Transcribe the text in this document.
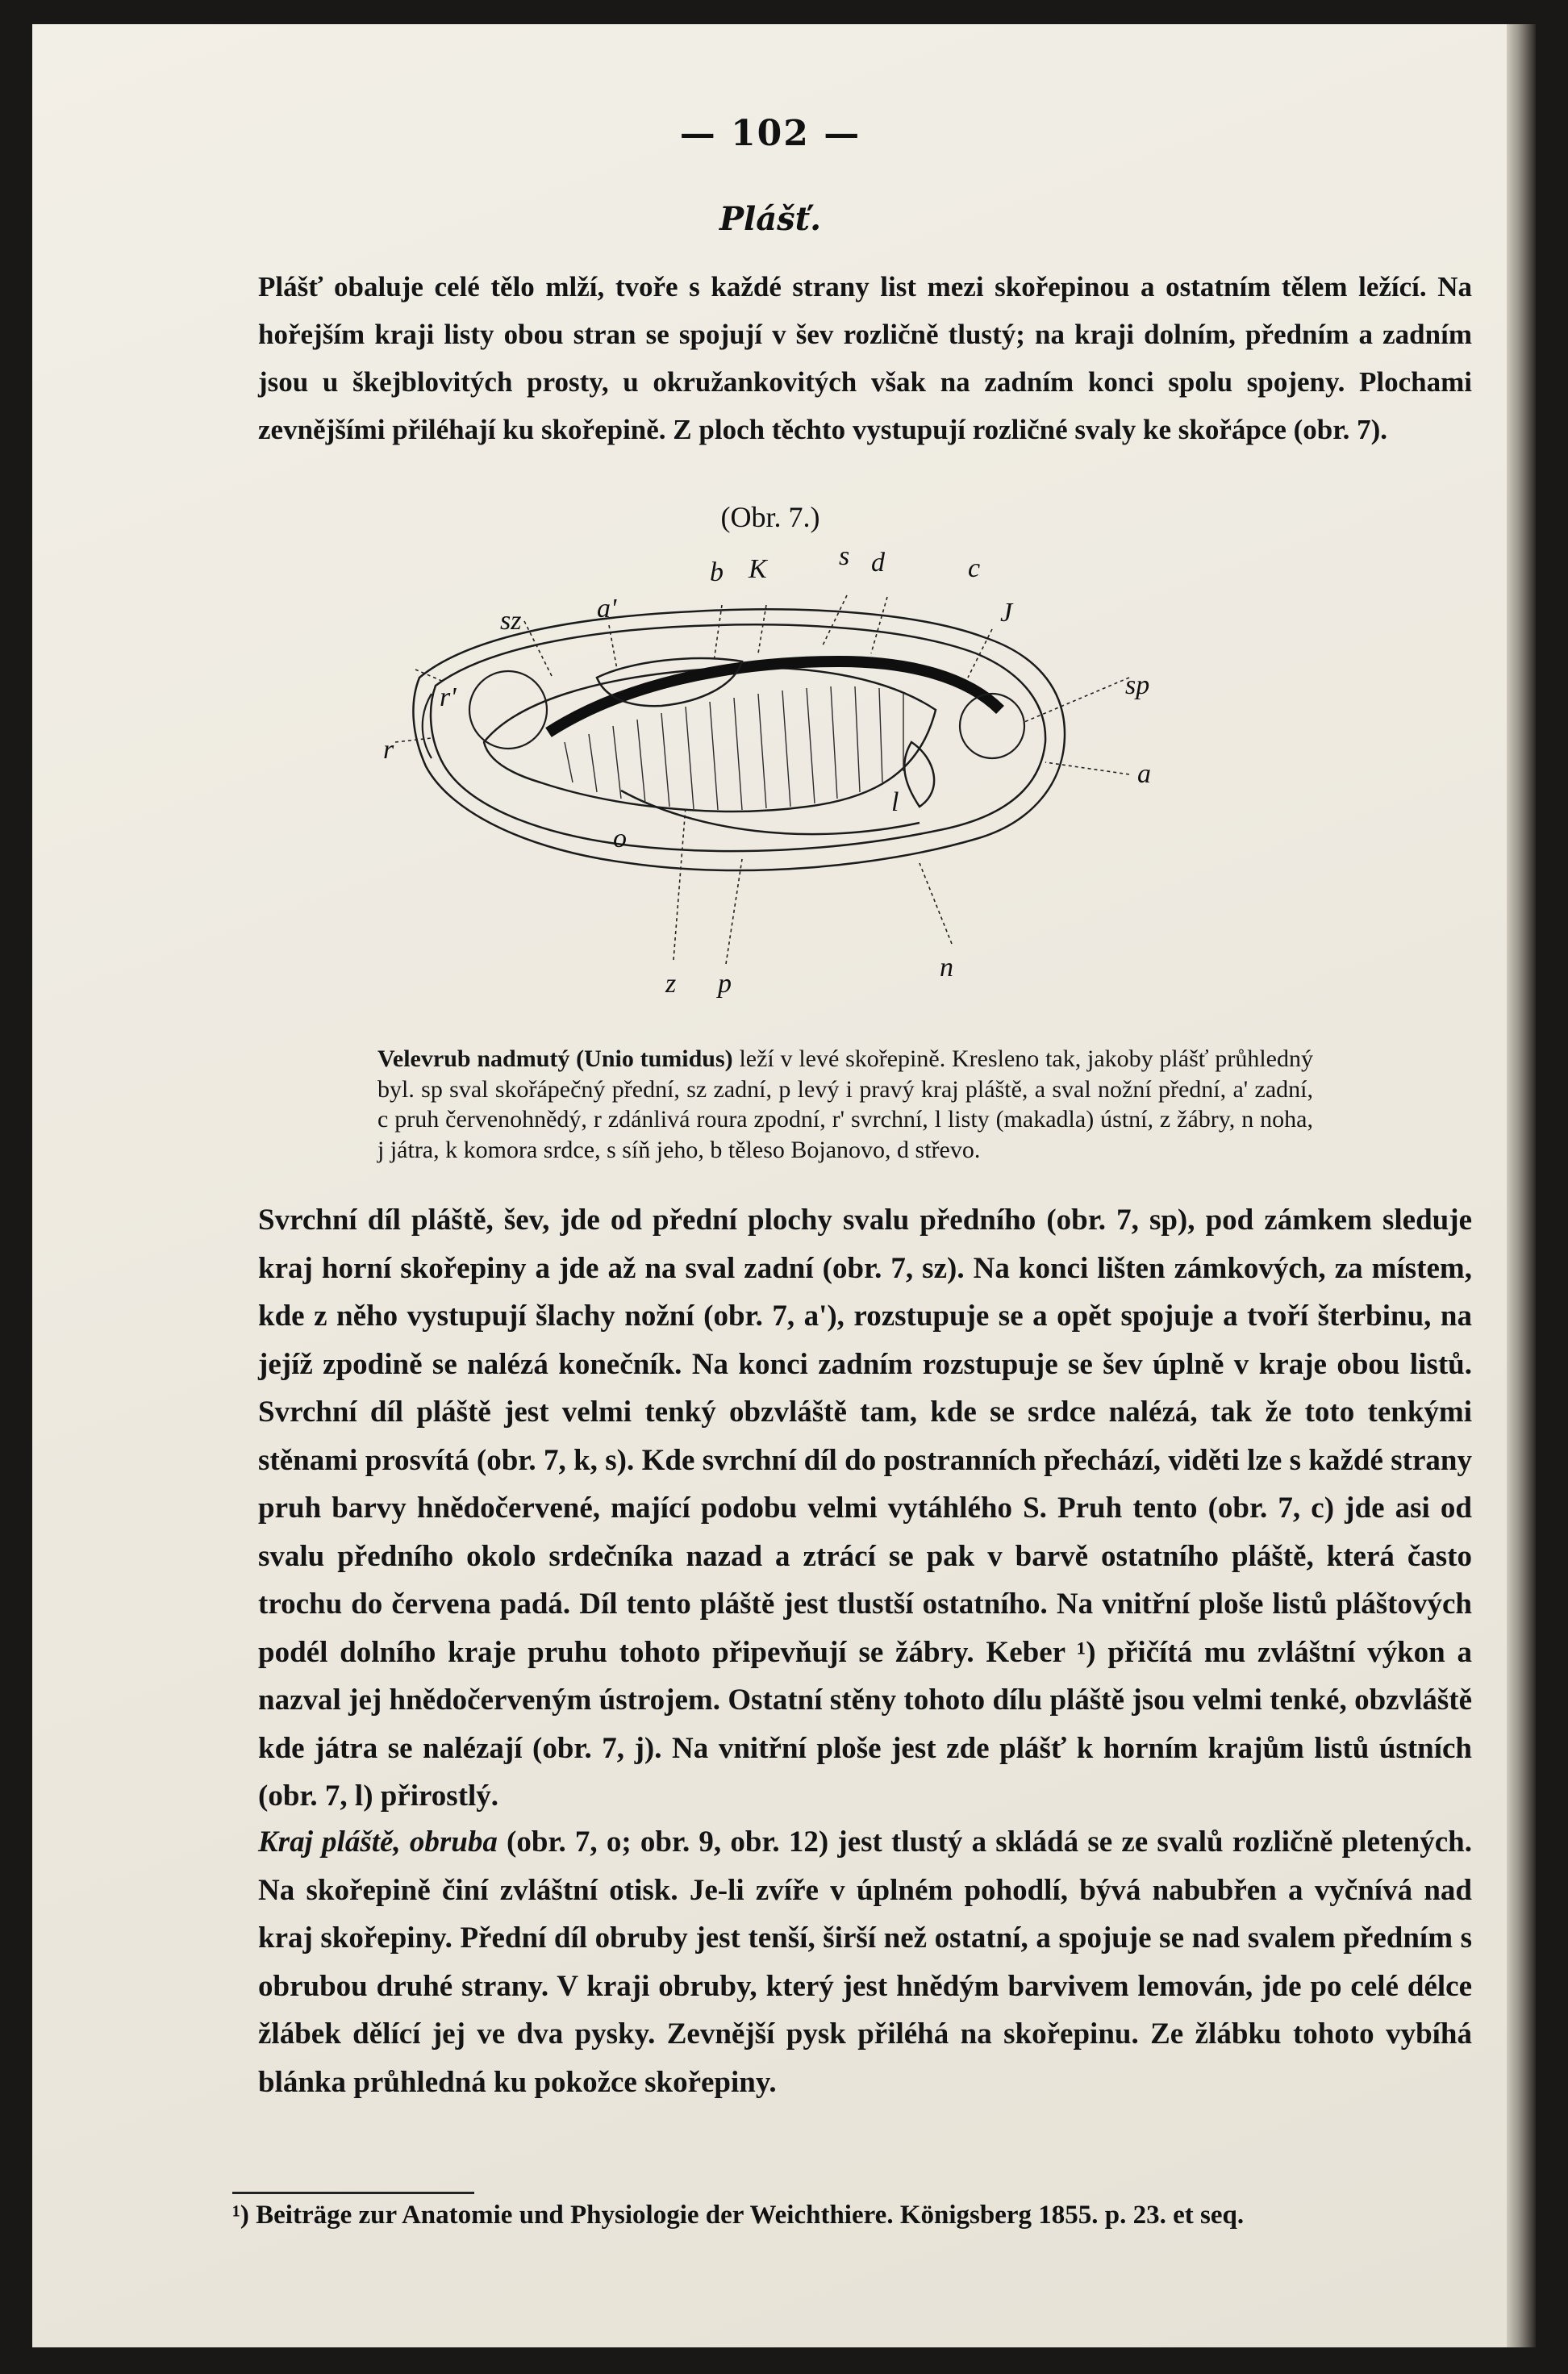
— 102 —
Plášť.

Plášť obaluje celé tělo mlží, tvoře s každé strany list mezi skořepinou a ostatním tělem ležící. Na hořejším kraji listy obou stran se spojují v šev rozličně tlustý; na kraji dolním, předním a zadním jsou u škejblovitých prosty, u okružankovitých však na zadním konci spolu spojeny. Plochami zevnějšími přiléhají ku skořepině. Z ploch těchto vystupují rozličné svaly ke skořápce (obr. 7).

(Obr. 7.)
b K	s d
a'
sz
c
J
r'	sp
r
a
l
o
n
z p

Velevrub nadmutý (Unio tumidus) leží v levé skořepině. Kresleno tak, jakoby plášť průhledný byl. sp sval skořápečný přední, sz zadní, p levý i pravý kraj pláště, a sval nožní přední, a' zadní, c pruh červenohnědý, r zdánlivá roura zpodní, r' svrchní, l listy (makadla) ústní, z žábry, n noha, j játra, k komora srdce, s síň jeho, b těleso Bojanovo, d střevo.

Svrchní díl pláště, šev, jde od přední plochy svalu předního (obr. 7, sp), pod zámkem sleduje kraj horní skořepiny a jde až na sval zadní (obr. 7, sz). Na konci lišten zámkových, za místem, kde z něho vystupují šlachy nožní (obr. 7, a'), rozstupuje se a opět spojuje a tvoří šterbinu, na jejíž zpodině se nalézá konečník. Na konci zadním rozstupuje se šev úplně v kraje obou listů. Svrchní díl pláště jest velmi tenký obzvláště tam, kde se srdce nalézá, tak že toto tenkými stěnami prosvítá (obr. 7, k, s). Kde svrchní díl do postranních přechází, viděti lze s každé strany pruh barvy hnědočervené, mající podobu velmi vytáhlého S. Pruh tento (obr. 7, c) jde asi od svalu předního okolo srdečníka nazad a ztrácí se pak v barvě ostatního pláště, která často trochu do červena padá. Díl tento pláště jest tlustší ostatního. Na vnitřní ploše listů pláštových podél dolního kraje pruhu tohoto připevňují se žábry. Keber ¹) přičítá mu zvláštní výkon a nazval jej hnědočerveným ústrojem. Ostatní stěny tohoto dílu pláště jsou velmi tenké, obzvláště kde játra se nalézají (obr. 7, j). Na vnitřní ploše jest zde plášť k horním krajům listů ústních (obr. 7, l) přirostlý.

Kraj pláště, obruba (obr. 7, o; obr. 9, obr. 12) jest tlustý a skládá se ze svalů rozličně pletených. Na skořepině činí zvláštní otisk. Je-li zvíře v úplném pohodlí, bývá nabubřen a vyčnívá nad kraj skořepiny. Přední díl obruby jest tenší, širší než ostatní, a spojuje se nad svalem předním s obrubou druhé strany. V kraji obruby, který jest hnědým barvivem lemován, jde po celé délce žlábek dělící jej ve dva pysky. Zevnější pysk přiléhá na skořepinu. Ze žlábku tohoto vybíhá blánka průhledná ku pokožce skořepiny.

¹) Beiträge zur Anatomie und Physiologie der Weichthiere. Königsberg 1855. p. 23. et seq.
